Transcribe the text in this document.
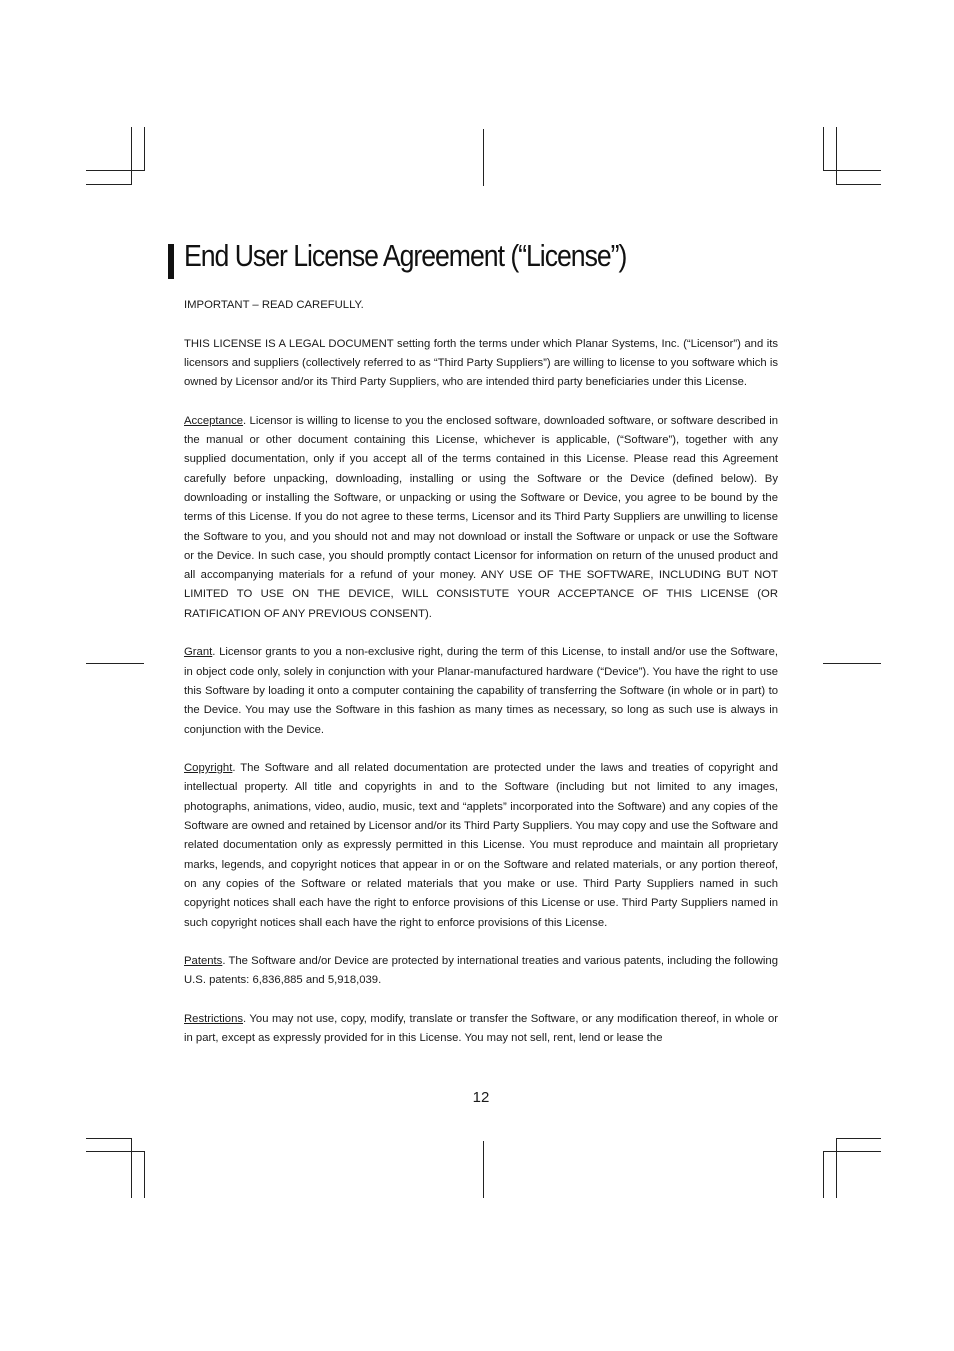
End User License Agreement (“License”)

IMPORTANT – READ CAREFULLY.

THIS LICENSE IS A LEGAL DOCUMENT setting forth the terms under which Planar Systems, Inc. (“Licensor”) and its licensors and suppliers (collectively referred to as “Third Party Suppliers”) are willing to license to you software which is owned by Licensor and/or its Third Party Suppliers, who are intended third party beneficiaries under this License.

Acceptance. Licensor is willing to license to you the enclosed software, downloaded software, or software described in the manual or other document containing this License, whichever is applicable, (“Software”), together with any supplied documentation, only if you accept all of the terms contained in this License. Please read this Agreement carefully before unpacking, downloading, installing or using the Software or the Device (defined below). By downloading or installing the Software, or unpacking or using the Software or Device, you agree to be bound by the terms of this License. If you do not agree to these terms, Licensor and its Third Party Suppliers are unwilling to license the Software to you, and you should not and may not download or install the Software or unpack or use the Software or the Device. In such case, you should promptly contact Licensor for information on return of the unused product and all accompanying materials for a refund of your money. ANY USE OF THE SOFTWARE, INCLUDING BUT NOT LIMITED TO USE ON THE DEVICE, WILL CONSISTUTE YOUR ACCEPTANCE OF THIS LICENSE (OR RATIFICATION OF ANY PREVIOUS CONSENT).

Grant. Licensor grants to you a non-exclusive right, during the term of this License, to install and/or use the Software, in object code only, solely in conjunction with your Planar-manufactured hardware (“Device”). You have the right to use this Software by loading it onto a computer containing the capability of transferring the Software (in whole or in part) to the Device. You may use the Software in this fashion as many times as necessary, so long as such use is always in conjunction with the Device.

Copyright. The Software and all related documentation are protected under the laws and treaties of copyright and intellectual property. All title and copyrights in and to the Software (including but not limited to any images, photographs, animations, video, audio, music, text and “applets” incorporated into the Software) and any copies of the Software are owned and retained by Licensor and/or its Third Party Suppliers. You may copy and use the Software and related documentation only as expressly permitted in this License. You must reproduce and maintain all proprietary marks, legends, and copyright notices that appear in or on the Software and related materials, or any portion thereof, on any copies of the Software or related materials that you make or use. Third Party Suppliers named in such copyright notices shall each have the right to enforce provisions of this License or use. Third Party Suppliers named in such copyright notices shall each have the right to enforce provisions of this License.

Patents. The Software and/or Device are protected by international treaties and various patents, including the following U.S. patents: 6,836,885 and 5,918,039.

Restrictions. You may not use, copy, modify, translate or transfer the Software, or any modification thereof, in whole or in part, except as expressly provided for in this License. You may not sell, rent, lend or lease the

12
